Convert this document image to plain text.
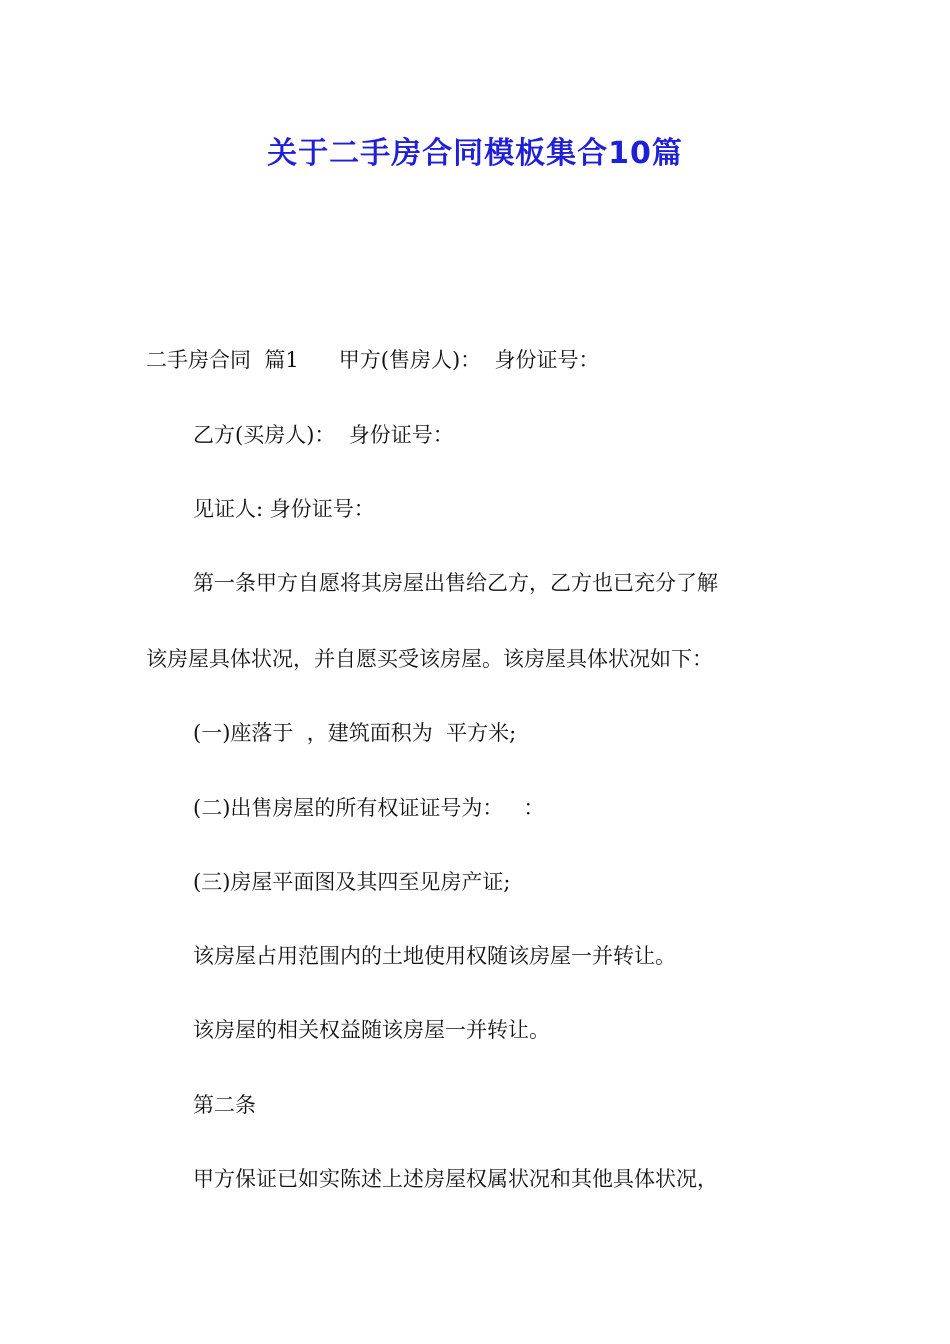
关于二手房合同模板集合10篇

二手房合同  篇1      甲方(售房人)：  身份证号：

乙方(买房人)：  身份证号：

见证人: 身份证号：

第一条甲方自愿将其房屋出售给乙方，乙方也已充分了解

该房屋具体状况，并自愿买受该房屋。该房屋具体状况如下：

(一)座落于  ，建筑面积为  平方米;

(二)出售房屋的所有权证证号为：   ：

(三)房屋平面图及其四至见房产证;

该房屋占用范围内的土地使用权随该房屋一并转让。

该房屋的相关权益随该房屋一并转让。

第二条

甲方保证已如实陈述上述房屋权属状况和其他具体状况，
